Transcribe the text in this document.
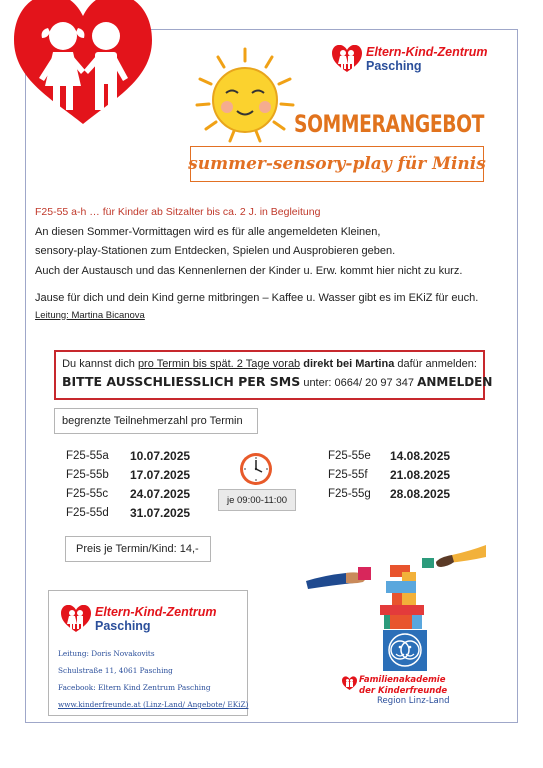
Eltern-Kind-Zentrum
Pasching
SOMMERANGEBOT
summer-sensory-play für Minis
F25-55 a-h … für Kinder ab Sitzalter bis ca. 2 J. in Begleitung
An diesen Sommer-Vormittagen wird es für alle angemeldeten Kleinen,
sensory-play-Stationen zum Entdecken, Spielen und Ausprobieren geben.
Auch der Austausch und das Kennenlernen der Kinder u. Erw. kommt hier nicht zu kurz.
Jause für dich und dein Kind gerne mitbringen – Kaffee u. Wasser gibt es im EKiZ für euch.
Leitung: Martina Bicanova
Du kannst dich pro Termin bis spät. 2 Tage vorab direkt bei Martina dafür anmelden:
BITTE AUSSCHLIESSLICH PER SMS unter: 0664/ 20 97 347 ANMELDEN
begrenzte Teilnehmerzahl pro Termin
F25-55a	10.07.2025
F25-55b	17.07.2025
F25-55c	24.07.2025
F25-55d	31.07.2025
je 09:00-11:00
F25-55e	14.08.2025
F25-55f	21.08.2025
F25-55g	28.08.2025
Preis je Termin/Kind: 14,-
Eltern-Kind-Zentrum
Pasching
Leitung: Doris Novakovits
Schulstraße 11, 4061 Pasching
Facebook: Eltern Kind Zentrum Pasching
www.kinderfreunde.at (Linz-Land/ Angebote/ EKiZ)
Familienakademie
der Kinderfreunde
Region Linz-Land
